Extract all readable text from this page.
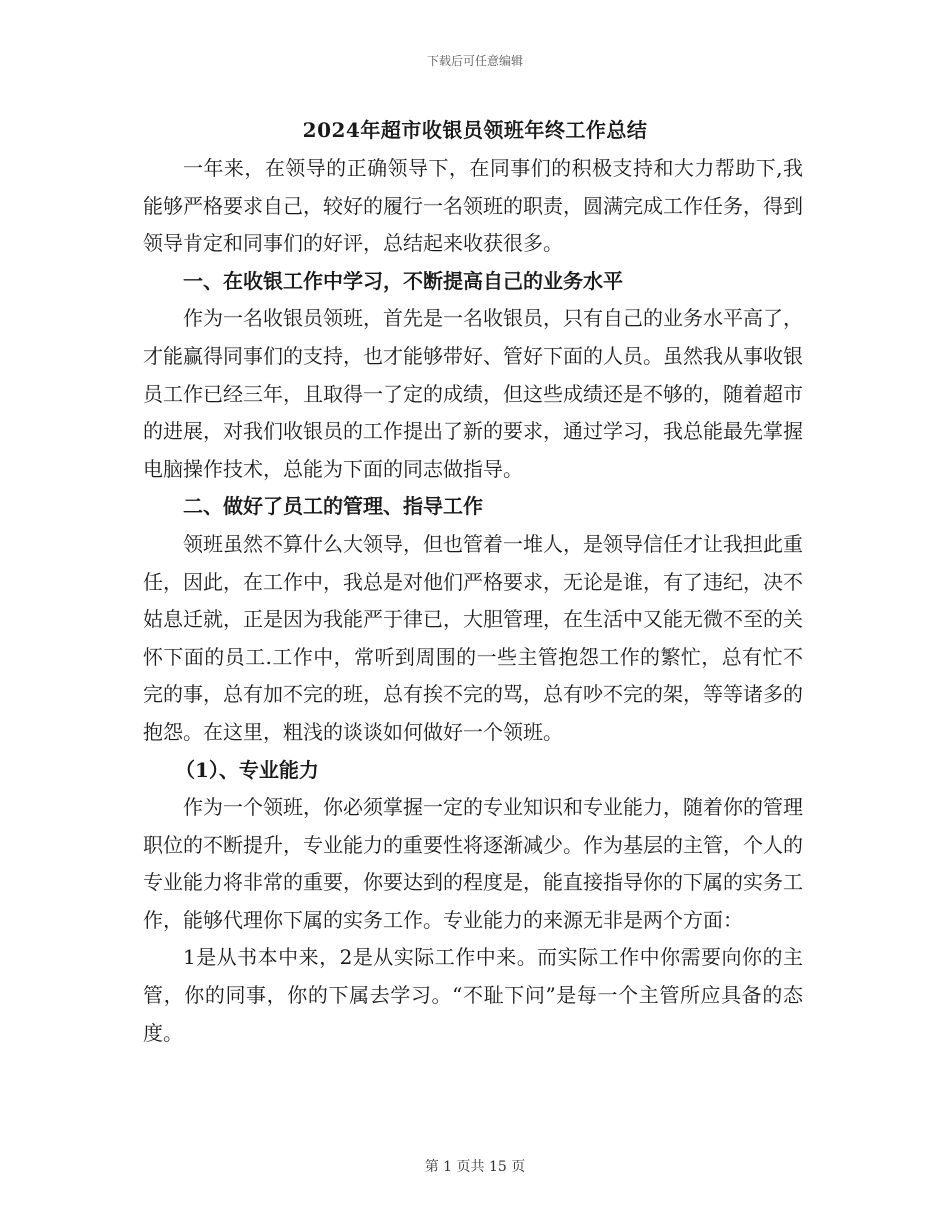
下载后可任意编辑
2024年超市收银员领班年终工作总结

一年来，在领导的正确领导下，在同事们的积极支持和大力帮助下,我能够严格要求自己，较好的履行一名领班的职责，圆满完成工作任务，得到领导肯定和同事们的好评，总结起来收获很多。

一、在收银工作中学习，不断提高自己的业务水平

作为一名收银员领班，首先是一名收银员，只有自己的业务水平高了，才能赢得同事们的支持，也才能够带好、管好下面的人员。虽然我从事收银员工作已经三年，且取得一了定的成绩，但这些成绩还是不够的，随着超市的进展，对我们收银员的工作提出了新的要求，通过学习，我总能最先掌握电脑操作技术，总能为下面的同志做指导。

二、做好了员工的管理、指导工作

领班虽然不算什么大领导，但也管着一堆人，是领导信任才让我担此重任，因此，在工作中，我总是对他们严格要求，无论是谁，有了违纪，决不姑息迁就，正是因为我能严于律已，大胆管理，在生活中又能无微不至的关怀下面的员工.工作中，常听到周围的一些主管抱怨工作的繁忙，总有忙不完的事，总有加不完的班，总有挨不完的骂，总有吵不完的架，等等诸多的抱怨。在这里，粗浅的谈谈如何做好一个领班。

（1）、专业能力

作为一个领班，你必须掌握一定的专业知识和专业能力，随着你的管理职位的不断提升，专业能力的重要性将逐渐减少。作为基层的主管，个人的专业能力将非常的重要，你要达到的程度是，能直接指导你的下属的实务工作，能够代理你下属的实务工作。专业能力的来源无非是两个方面：

1是从书本中来，2是从实际工作中来。而实际工作中你需要向你的主管，你的同事，你的下属去学习。“不耻下问”是每一个主管所应具备的态度。

第 1 页共 15 页
